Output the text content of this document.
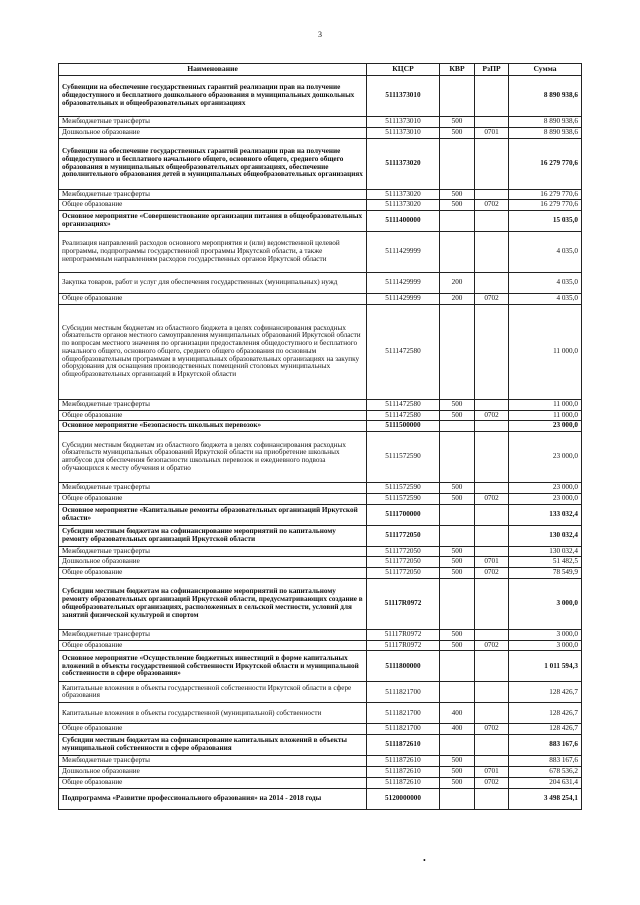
3
Наименование	КЦСР	КВР	РзПР	Сумма
Субвенции на обеспечение государственных гарантий реализации прав на получение общедоступного и бесплатного дошкольного образования в муниципальных дошкольных образовательных и общеобразовательных организациях	5111373010			8 890 938,6
Межбюджетные трансферты	5111373010	500		8 890 938,6
Дошкольное образование	5111373010	500	0701	8 890 938,6
Субвенции на обеспечение государственных гарантий реализации прав на получение общедоступного и бесплатного начального общего, основного общего, среднего общего образования в муниципальных общеобразовательных организациях, обеспечение дополнительного образования детей в муниципальных общеобразовательных организациях	5111373020			16 279 770,6
Межбюджетные трансферты	5111373020	500		16 279 770,6
Общее образование	5111373020	500	0702	16 279 770,6
Основное мероприятие «Совершенствование организации питания в общеобразовательных организациях»	5111400000			15 035,0
Реализация направлений расходов основного мероприятия и (или) ведомственной целевой программы, подпрограммы государственной программы Иркутской области, а также непрограммным направлениям расходов государственных органов Иркутской области	5111429999			4 035,0
Закупка товаров, работ и услуг для обеспечения государственных (муниципальных) нужд	5111429999	200		4 035,0
Общее образование	5111429999	200	0702	4 035,0
Субсидии местным бюджетам из областного бюджета в целях софинансирования расходных обязательств органов местного самоуправления муниципальных образований Иркутской области по вопросам местного значения по организации предоставления общедоступного и бесплатного начального общего, основного общего, среднего общего образования по основным общеобразовательным программам в муниципальных образовательных организациях на закупку оборудования для оснащения производственных помещений столовых муниципальных общеобразовательных организаций в Иркутской области	5111472580			11 000,0
Межбюджетные трансферты	5111472580	500		11 000,0
Общее образование	5111472580	500	0702	11 000,0
Основное мероприятие «Безопасность школьных перевозок»	5111500000			23 000,0
Субсидии местным бюджетам из областного бюджета в целях софинансирования расходных обязательств муниципальных образований Иркутской области на приобретение школьных автобусов для обеспечения безопасности школьных перевозок и ежедневного подвоза обучающихся к месту обучения и обратно	5111572590			23 000,0
Межбюджетные трансферты	5111572590	500		23 000,0
Общее образование	5111572590	500	0702	23 000,0
Основное мероприятие «Капитальные ремонты образовательных организаций Иркутской области»	5111700000			133 032,4
Субсидии местным бюджетам на софинансирование мероприятий по капитальному ремонту образовательных организаций Иркутской области	5111772050			130 032,4
Межбюджетные трансферты	5111772050	500		130 032,4
Дошкольное образование	5111772050	500	0701	51 482,5
Общее образование	5111772050	500	0702	78 549,9
Субсидии местным бюджетам на софинансирование мероприятий по капитальному ремонту образовательных организаций Иркутской области, предусматривающих создание в общеобразовательных организациях, расположенных в сельской местности, условий для занятий физической культурой и спортом	51117R0972			3 000,0
Межбюджетные трансферты	51117R0972	500		3 000,0
Общее образование	51117R0972	500	0702	3 000,0
Основное мероприятие «Осуществление бюджетных инвестиций в форме капитальных вложений в объекты государственной собственности Иркутской области и муниципальной собственности в сфере образования»	5111800000			1 011 594,3
Капитальные вложения в объекты государственной собственности Иркутской области в сфере образования	5111821700			128 426,7
Капитальные вложения в объекты государственной (муниципальной) собственности	5111821700	400		128 426,7
Общее образование	5111821700	400	0702	128 426,7
Субсидии местным бюджетам на софинансирование капитальных вложений в объекты муниципальной собственности в сфере образования	5111872610			883 167,6
Межбюджетные трансферты	5111872610	500		883 167,6
Дошкольное образование	5111872610	500	0701	678 536,2
Общее образование	5111872610	500	0702	204 631,4
Подпрограмма «Развитие профессионального образования» на 2014 - 2018 годы	5120000000			3 498 254,1
•
